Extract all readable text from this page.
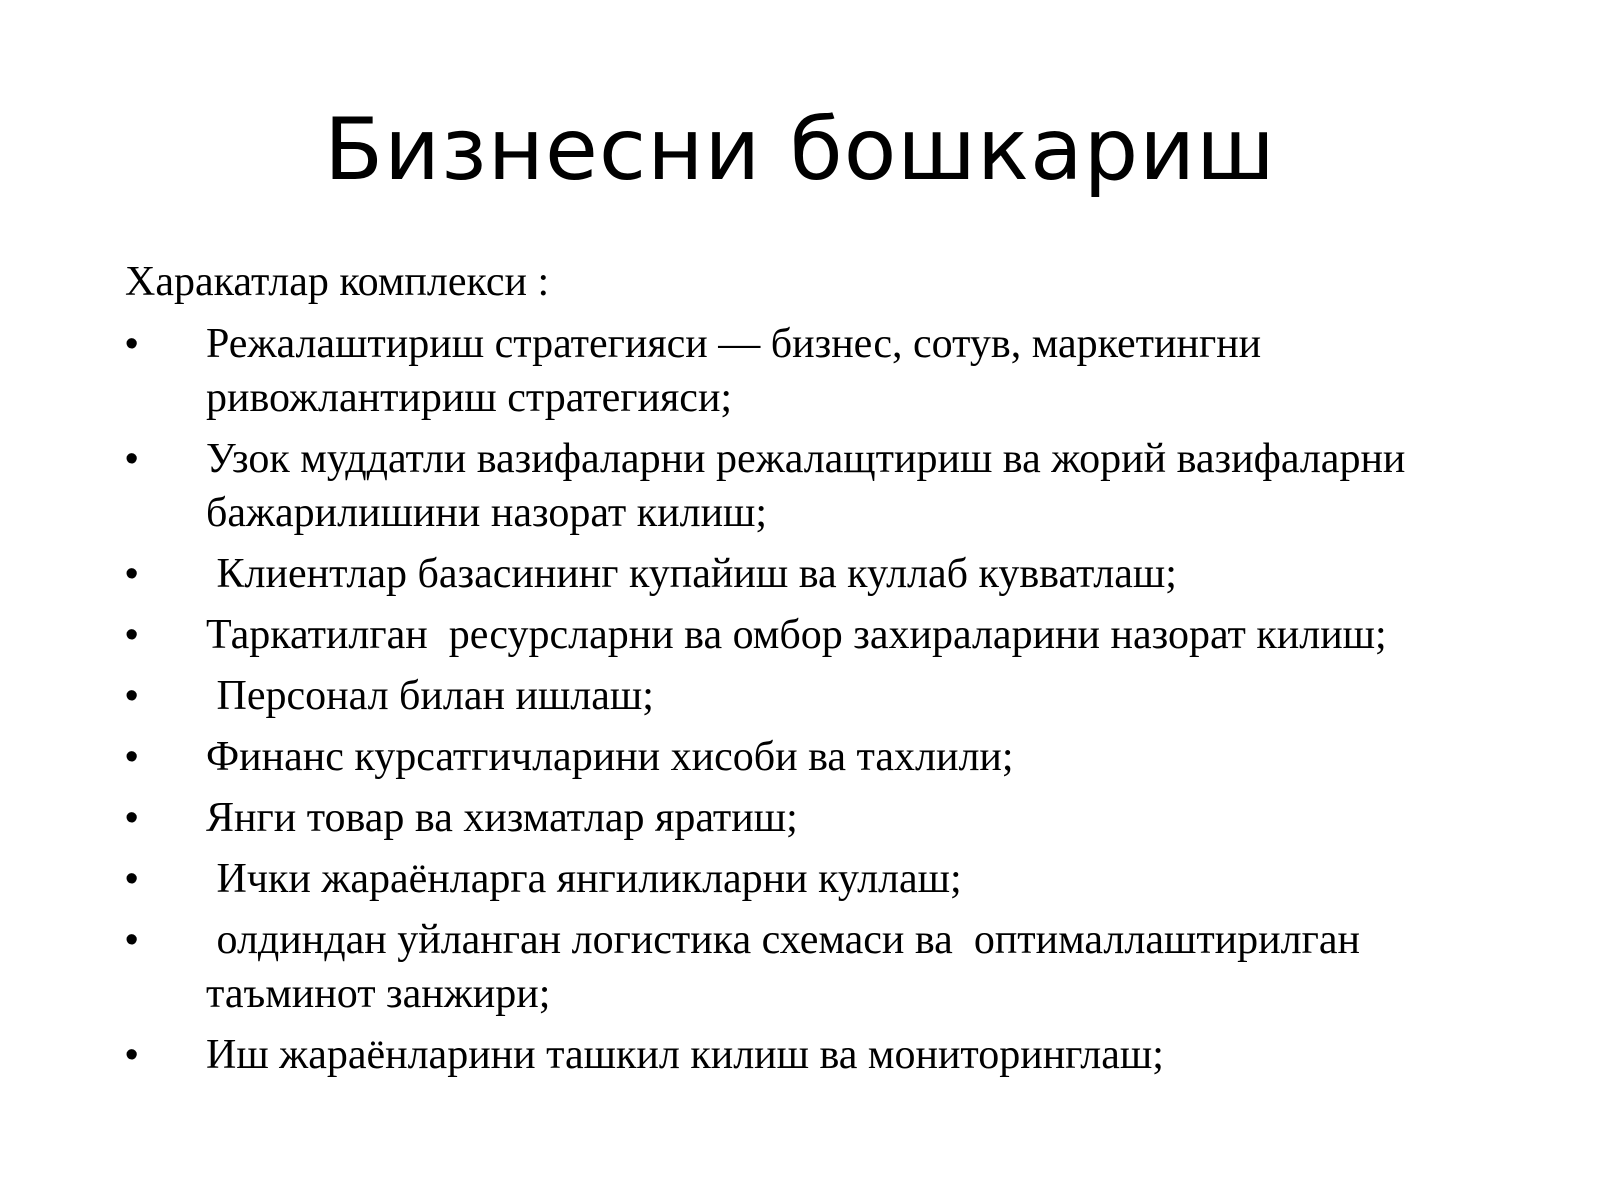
Бизнесни бошкариш

Харакатлар комплекси :

•	Режалаштириш стратегияси — бизнес, сотув, маркетингни ривожлантириш стратегияси;
•	Узок муддатли вазифаларни режалащтириш ва жорий вазифаларни бажарилишини назорат килиш;
•	Клиентлар базасининг купайиш ва куллаб кувватлаш;
•	Таркатилган  ресурсларни ва омбор захираларини назорат килиш;
•	Персонал билан ишлаш;
•	Финанс курсатгичларини хисоби ва тахлили;
•	Янги товар ва хизматлар яратиш;
•	Ички жараёнларга янгиликларни куллаш;
•	олдиндан уйланган логистика схемаси ва  оптималлаштирилган таъминот занжири;
•	Иш жараёнларини ташкил килиш ва мониторинглаш;
